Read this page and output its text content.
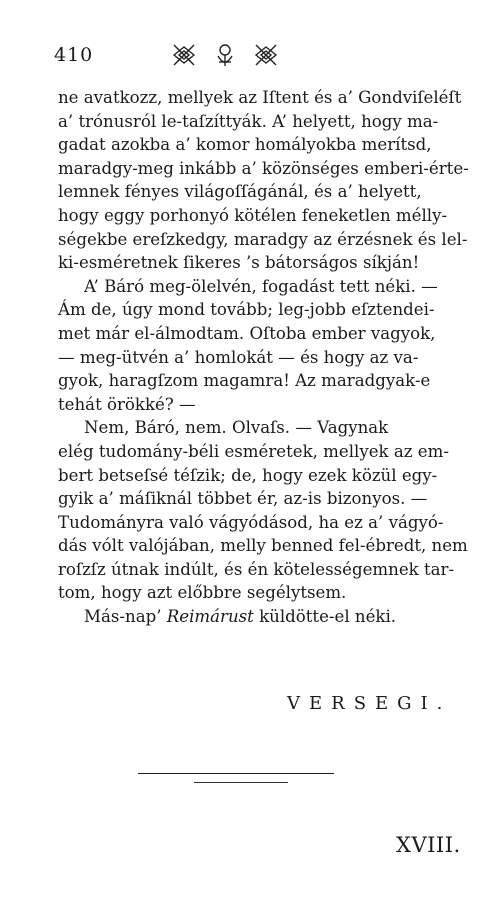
410

ne avatkozz, mellyek az Iſtent és a’ Gondviſeléſt

a’ trónusról le-taſzíttyák. A’ helyett, hogy ma-

gadat azokba a’ komor homályokba merítsd,

maradgy-meg inkább a’ közönséges emberi-érte-

lemnek fényes világoſſágánál, és a’ helyett,

hogy eggy porhonyó kötélen feneketlen mélly-

ségekbe ereſzkedgy, maradgy az érzésnek és lel-

ki-esméretnek ſikeres ’s bátorságos síkján!

A’ Báró meg-ölelvén, fogadást tett néki. —

Ám de, úgy mond tovább; leg-jobb eſztendei-

met már el-álmodtam. Oſtoba ember vagyok,

— meg-ütvén a’ homlokát — és hogy az va-

gyok, haragſzom magamra! Az maradgyak-e

tehát örökké? —

Nem, Báró, nem. Olvaſs. — Vagynak

elég tudomány-béli esméretek, mellyek az em-

bert betseſsé téſzik; de, hogy ezek közül egy-

gyik a’ máſiknál többet ér, az-is bizonyos. —

Tudományra való vágyódásod, ha ez a’ vágyó-

dás vólt valójában, melly benned fel-ébredt, nem

roſzſz útnak indúlt, és én kötelességemnek tar-

tom, hogy azt előbbre segélytsem.

Más-nap’ Reimárust küldötte-el néki.

VERSEGI.
XVIII.
